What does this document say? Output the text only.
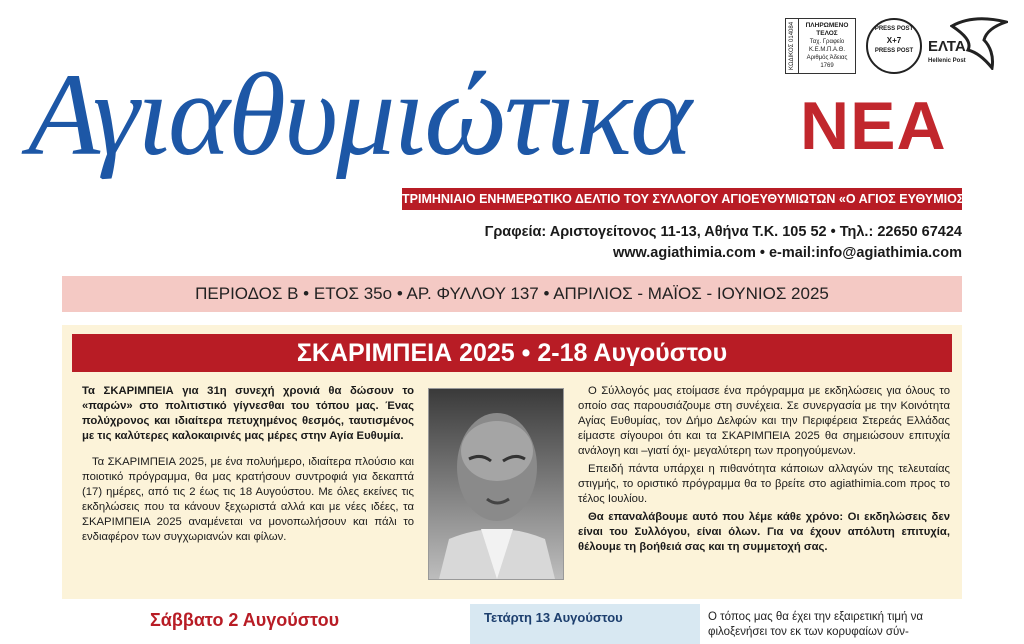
ΚΩΔΙΚΟΣ 014084	ΠΛΗΡΩΜΕΝΟ ΤΕΛΟΣ
Ταχ. Γραφείο
Κ.Ε.Μ.Π.Α.Θ.
Αριθμός Άδειας
1769
PRESS POST
X+7
PRESS POST ΕΛΤΑ
Hellenic Post
Αγιαθυμιώτικα ΝΕΑ
ΤΡΙΜΗΝΙΑΙΟ ΕΝΗΜΕΡΩΤΙΚΟ ΔΕΛΤΙΟ ΤΟΥ ΣΥΛΛΟΓΟΥ ΑΓΙΟΕΥΘΥΜΙΩΤΩΝ «Ο ΑΓΙΟΣ ΕΥΘΥΜΙΟΣ»
Γραφεία: Αριστογείτονος 11-13, Αθήνα Τ.Κ. 105 52 • Τηλ.: 22650 67424
www.agiathimia.com • e-mail:info@agiathimia.com
ΠΕΡΙΟΔΟΣ Β • ΕΤΟΣ 35ο • ΑΡ. ΦΥΛΛΟΥ 137 • ΑΠΡΙΛΙΟΣ - ΜΑΪΟΣ - ΙΟΥΝΙΟΣ 2025
ΣΚΑΡΙΜΠΕΙΑ 2025 • 2-18 Αυγούστου

Τα ΣΚΑΡΙΜΠΕΙΑ για 31η συνεχή χρονιά θα δώσουν το «παρών» στο πολιτιστικό γίγνεσθαι του τόπου μας. Ένας πολύχρονος και ιδιαίτερα πετυχημένος θεσμός, ταυτισμένος με τις καλύτερες καλοκαιρινές μας μέρες στην Αγία Ευθυμία.

Τα ΣΚΑΡΙΜΠΕΙΑ 2025, με ένα πολυήμερο, ιδιαίτερα πλούσιο και ποιοτικό πρόγραμμα, θα μας κρατήσουν συντροφιά για δεκαπτά (17) ημέρες, από τις 2 έως τις 18 Αυγούστου. Με όλες εκείνες τις εκδηλώσεις που τα κάνουν ξεχωριστά αλλά και με νέες ιδέες, τα ΣΚΑΡΙΜΠΕΙΑ 2025 αναμένεται να μονοπωλήσουν και πάλι το ενδιαφέρον των συγχωριανών και φίλων.

Ο Σύλλογός μας ετοίμασε ένα πρόγραμμα με εκδηλώσεις για όλους το οποίο σας παρουσιάζουμε στη συνέχεια. Σε συνεργασία με την Κοινότητα Αγίας Ευθυμίας, τον Δήμο Δελφών και την Περιφέρεια Στερεάς Ελλάδας είμαστε σίγουροι ότι και τα ΣΚΑΡΙΜΠΕΙΑ 2025 θα σημειώσουν επιτυχία ανάλογη και –γιατί όχι- μεγαλύτερη των προηγούμενων.

Επειδή πάντα υπάρχει η πιθανότητα κάποιων αλλαγών της τελευταίας στιγμής, το οριστικό πρόγραμμα θα το βρείτε στο agiathimia.com προς το τέλος Ιουλίου.

Θα επαναλάβουμε αυτό που λέμε κάθε χρόνο: Οι εκδηλώσεις δεν είναι του Συλλόγου, είναι όλων. Για να έχουν απόλυτη επιτυχία, θέλουμε τη βοήθειά σας και τη συμμετοχή σας.

Σάββατο 2 Αυγούστου	Τετάρτη 13 Αυγούστου	Ο τόπος μας θα έχει την εξαιρετική τιμή να φιλοξενήσει τον εκ των κορυφαίων σύν-
